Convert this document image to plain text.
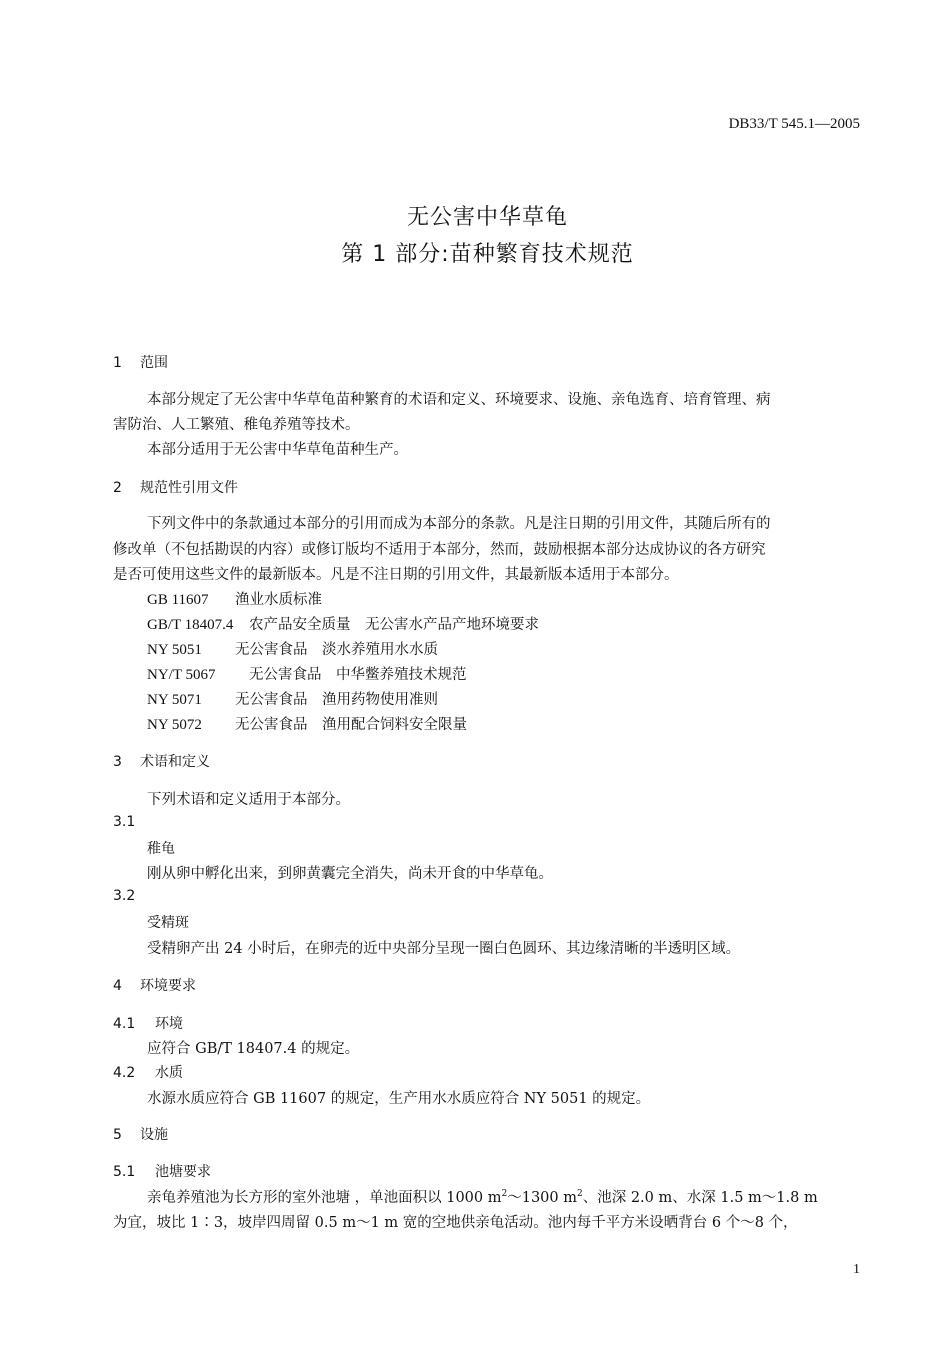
DB33/T 545.1—2005
无公害中华草龟
第 1 部分:苗种繁育技术规范
1 范围
本部分规定了无公害中华草龟苗种繁育的术语和定义、环境要求、设施、亲龟选育、培育管理、病
害防治、人工繁殖、稚龟养殖等技术。
本部分适用于无公害中华草龟苗种生产。
2 规范性引用文件
下列文件中的条款通过本部分的引用而成为本部分的条款。凡是注日期的引用文件，其随后所有的
修改单（不包括勘误的内容）或修订版均不适用于本部分，然而，鼓励根据本部分达成协议的各方研究
是否可使用这些文件的最新版本。凡是不注日期的引用文件，其最新版本适用于本部分。
GB 11607 渔业水质标准
GB/T 18407.4 农产品安全质量　无公害水产品产地环境要求
NY 5051 无公害食品　淡水养殖用水水质
NY/T 5067 无公害食品　中华鳖养殖技术规范
NY 5071 无公害食品　渔用药物使用准则
NY 5072 无公害食品　渔用配合饲料安全限量
3 术语和定义
下列术语和定义适用于本部分。
3.1
稚龟
刚从卵中孵化出来，到卵黄囊完全消失，尚未开食的中华草龟。
3.2
受精斑
受精卵产出 24 小时后，在卵壳的近中央部分呈现一圈白色圆环、其边缘清晰的半透明区域。
4 环境要求
4.1 环境
应符合 GB/T 18407.4 的规定。
4.2 水质
水源水质应符合 GB 11607 的规定，生产用水水质应符合 NY 5051 的规定。
5 设施
5.1 池塘要求
亲龟养殖池为长方形的室外池塘 ，单池面积以 1000 $m^2\sim 1300$ $m^2$、池深 2.0 m、水深 1.5 m～1.8 m
为宜，坡比 1∶3，坡岸四周留 0.5 m～1 m 宽的空地供亲龟活动。池内每千平方米设晒背台 6 个～8 个，
1
